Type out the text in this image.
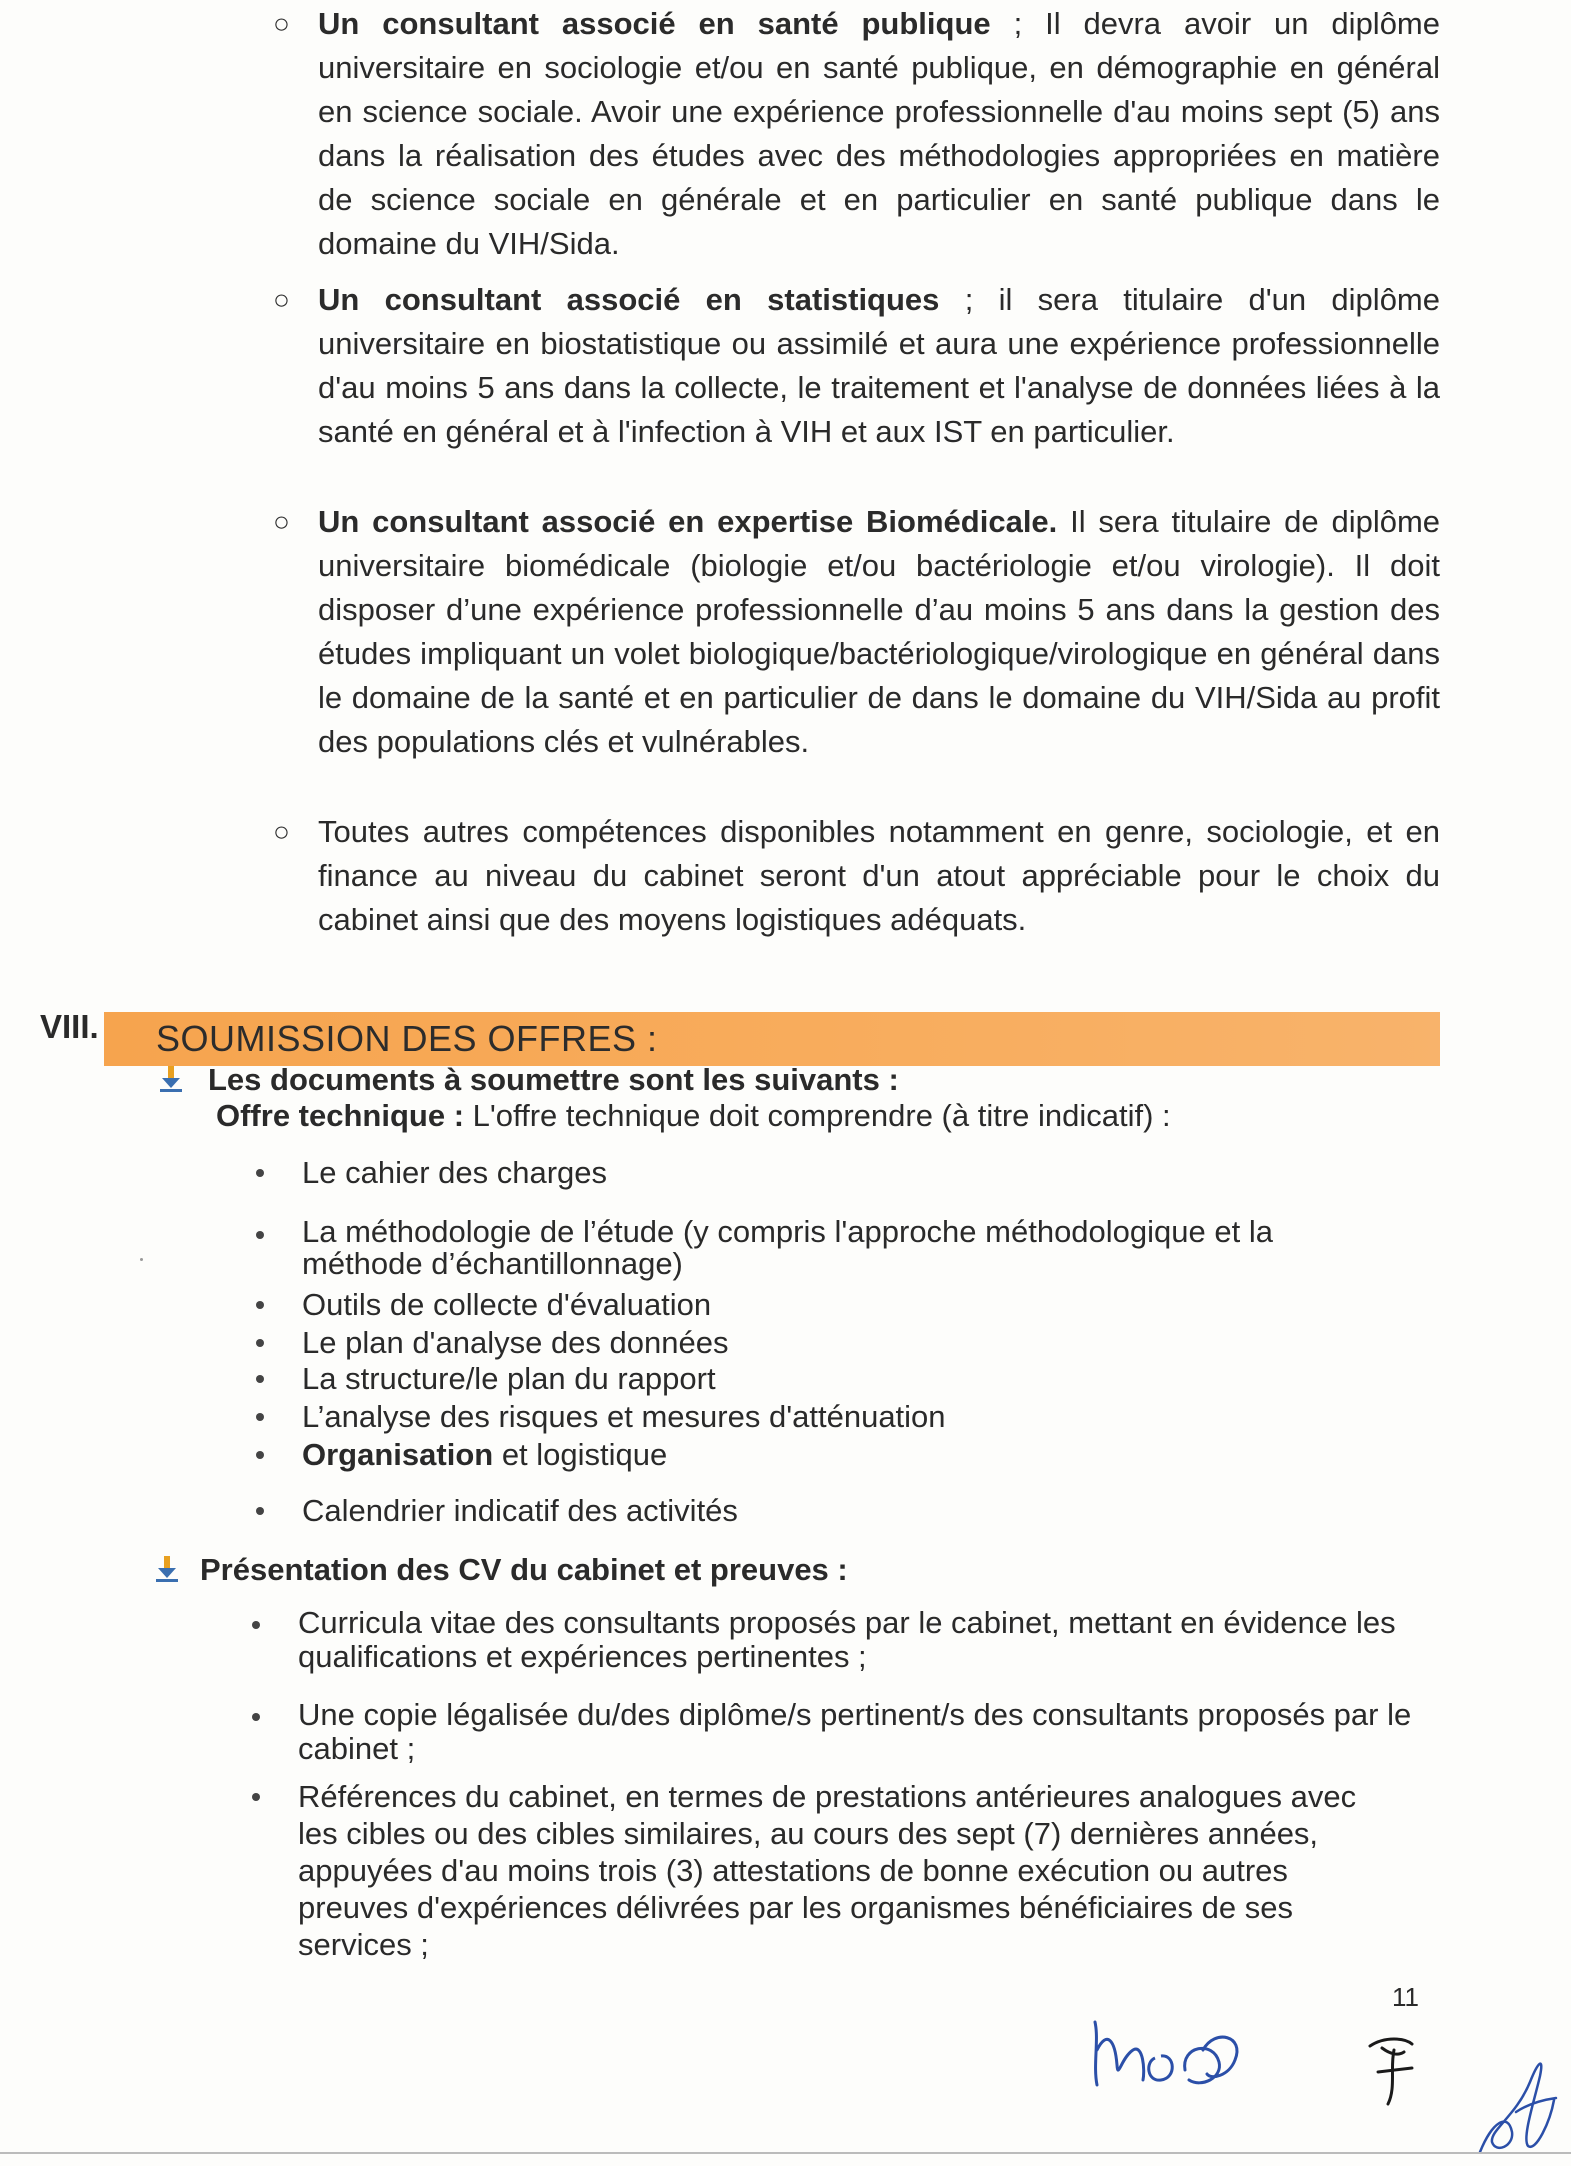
○ Un consultant associé en santé publique ; Il devra avoir un diplôme universitaire en sociologie et/ou en santé publique, en démographie en général en science sociale. Avoir une expérience professionnelle d'au moins sept (5) ans dans la réalisation des études avec des méthodologies appropriées en matière de science sociale en générale et en particulier en santé publique dans le domaine du VIH/Sida.
○ Un consultant associé en statistiques ; il sera titulaire d'un diplôme universitaire en biostatistique ou assimilé et aura une expérience professionnelle d'au moins 5 ans dans la collecte, le traitement et l'analyse de données liées à la santé en général et à l'infection à VIH et aux IST en particulier.
○ Un consultant associé en expertise Biomédicale. Il sera titulaire de diplôme universitaire biomédicale (biologie et/ou bactériologie et/ou virologie). Il doit disposer d’une expérience professionnelle d’au moins 5 ans dans la gestion des études impliquant un volet biologique/bactériologique/virologique en général dans le domaine de la santé et en particulier de dans le domaine du VIH/Sida au profit des populations clés et vulnérables.
○ Toutes autres compétences disponibles notamment en genre, sociologie, et en finance au niveau du cabinet seront d'un atout appréciable pour le choix du cabinet ainsi que des moyens logistiques adéquats.
VIII. SOUMISSION DES OFFRES :
Les documents à soumettre sont les suivants :
Offre technique : L'offre technique doit comprendre (à titre indicatif) :
Le cahier des charges
La méthodologie de l’étude (y compris l'approche méthodologique et la méthode d’échantillonnage)
Outils de collecte d'évaluation
Le plan d'analyse des données
La structure/le plan du rapport
L’analyse des risques et mesures d'atténuation
Organisation et logistique
Calendrier indicatif des activités
Présentation des CV du cabinet et preuves :
Curricula vitae des consultants proposés par le cabinet, mettant en évidence les qualifications et expériences pertinentes ;
Une copie légalisée du/des diplôme/s pertinent/s des consultants proposés par le cabinet ;
Références du cabinet, en termes de prestations antérieures analogues avec les cibles ou des cibles similaires, au cours des sept (7) dernières années, appuyées d'au moins trois (3) attestations de bonne exécution ou autres preuves d'expériences délivrées par les organismes bénéficiaires de ses services ;
11
